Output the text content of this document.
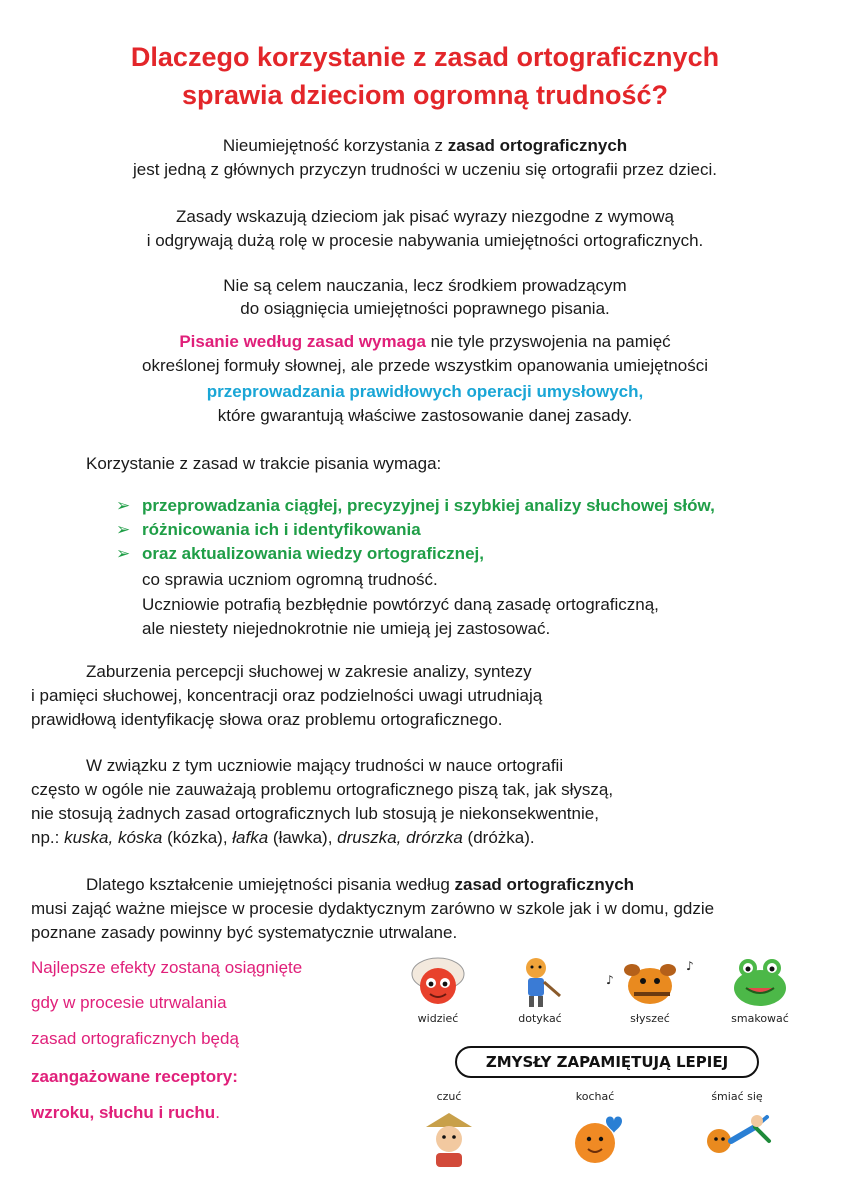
Dlaczego korzystanie z zasad ortograficznych
sprawia dzieciom ogromną trudność?
Nieumiejętność korzystania z zasad ortograficznych
jest jedną z głównych przyczyn trudności w uczeniu się ortografii przez dzieci.
Zasady wskazują dzieciom jak pisać wyrazy niezgodne z wymową
i odgrywają dużą rolę w procesie nabywania umiejętności ortograficznych.
Nie są celem nauczania, lecz środkiem prowadzącym
do osiągnięcia umiejętności poprawnego pisania.
Pisanie według zasad wymaga nie tyle przyswojenia na pamięć
określonej formuły słownej, ale przede wszystkim opanowania umiejętności
przeprowadzania prawidłowych operacji umysłowych,
które gwarantują właściwe zastosowanie danej zasady.
Korzystanie z zasad w trakcie pisania wymaga:
➢ przeprowadzania ciągłej, precyzyjnej i szybkiej analizy słuchowej słów,
➢ różnicowania ich i identyfikowania
➢ oraz aktualizowania wiedzy ortograficznej,
co sprawia uczniom ogromną trudność.
Uczniowie potrafią bezbłędnie powtórzyć daną zasadę ortograficzną,
ale niestety niejednokrotnie nie umieją jej zastosować.
Zaburzenia percepcji słuchowej w zakresie analizy, syntezy
i pamięci słuchowej, koncentracji oraz podzielności uwagi utrudniają
prawidłową identyfikację słowa oraz problemu ortograficznego.
W związku z tym uczniowie mający trudności w nauce ortografii
często w ogóle nie zauważają problemu ortograficznego piszą tak, jak słyszą,
nie stosują żadnych zasad ortograficznych lub stosują je niekonsekwentnie,
np.: kuska, kóska (kózka), łafka (ławka), druszka, drórzka (dróżka).
Dlatego kształcenie umiejętności pisania według zasad ortograficznych
musi zająć ważne miejsce w procesie dydaktycznym zarówno w szkole jak i w domu, gdzie
poznane zasady powinny być systematycznie utrwalane.
Najlepsze efekty zostaną osiągnięte
gdy w procesie utrwalania
zasad ortograficznych będą
zaangażowane receptory:
wzroku, słuchu i ruchu.
widzieć	dotykać
♪
♪
słyszeć	smakować
ZMYSŁY ZAPAMIĘTUJĄ LEPIEJ
czuć	kochać	śmiać się
